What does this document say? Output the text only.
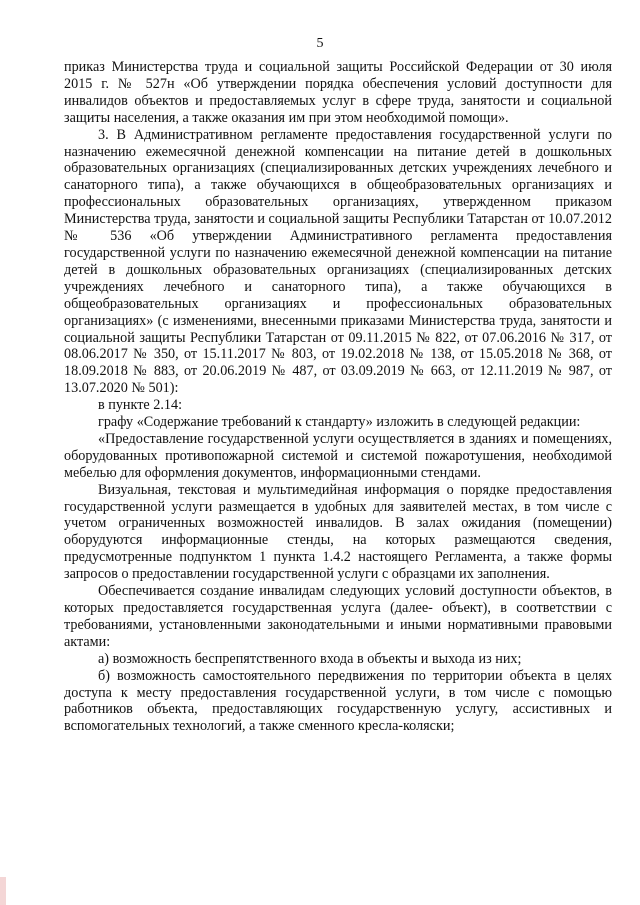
5

приказ Министерства труда и социальной защиты Российской Федерации от 30 июля 2015 г. № 527н «Об утверждении порядка обеспечения условий доступности для инвалидов объектов и предоставляемых услуг в сфере труда, занятости и социальной защиты населения, а также оказания им при этом необходимой помощи».

3. В Административном регламенте предоставления государственной услуги по назначению ежемесячной денежной компенсации на питание детей в дошкольных образовательных организациях (специализированных детских учреждениях лечебного и санаторного типа), а также обучающихся в общеобразовательных организациях и профессиональных образовательных организациях, утвержденном приказом Министерства труда, занятости и социальной защиты Республики Татарстан от 10.07.2012 № 536 «Об утверждении Административного регламента предоставления государственной услуги по назначению ежемесячной денежной компенсации на питание детей в дошкольных образовательных организациях (специализированных детских учреждениях лечебного и санаторного типа), а также обучающихся в общеобразовательных организациях и профессиональных образовательных организациях» (с изменениями, внесенными приказами Министерства труда, занятости и социальной защиты Республики Татарстан от 09.11.2015 № 822, от 07.06.2016 № 317, от 08.06.2017 № 350, от 15.11.2017 № 803, от 19.02.2018 № 138, от 15.05.2018 № 368, от 18.09.2018 № 883, от 20.06.2019 № 487, от 03.09.2019 № 663, от 12.11.2019 № 987, от 13.07.2020 № 501):

в пункте 2.14:

графу «Содержание требований к стандарту» изложить в следующей редакции:

«Предоставление государственной услуги осуществляется в зданиях и помещениях, оборудованных противопожарной системой и системой пожаротушения, необходимой мебелью для оформления документов, информационными стендами.

Визуальная, текстовая и мультимедийная информация о порядке предоставления государственной услуги размещается в удобных для заявителей местах, в том числе с учетом ограниченных возможностей инвалидов. В залах ожидания (помещении) оборудуются информационные стенды, на которых размещаются сведения, предусмотренные подпунктом 1 пункта 1.4.2 настоящего Регламента, а также формы запросов о предоставлении государственной услуги с образцами их заполнения.

Обеспечивается создание инвалидам следующих условий доступности объектов, в которых предоставляется государственная услуга (далее- объект), в соответствии с требованиями, установленными законодательными и иными нормативными правовыми актами:

а) возможность беспрепятственного входа в объекты и выхода из них;

б) возможность самостоятельного передвижения по территории объекта в целях доступа к месту предоставления государственной услуги, в том числе с помощью работников объекта, предоставляющих государственную услугу, ассистивных и вспомогательных технологий, а также сменного кресла-коляски;
